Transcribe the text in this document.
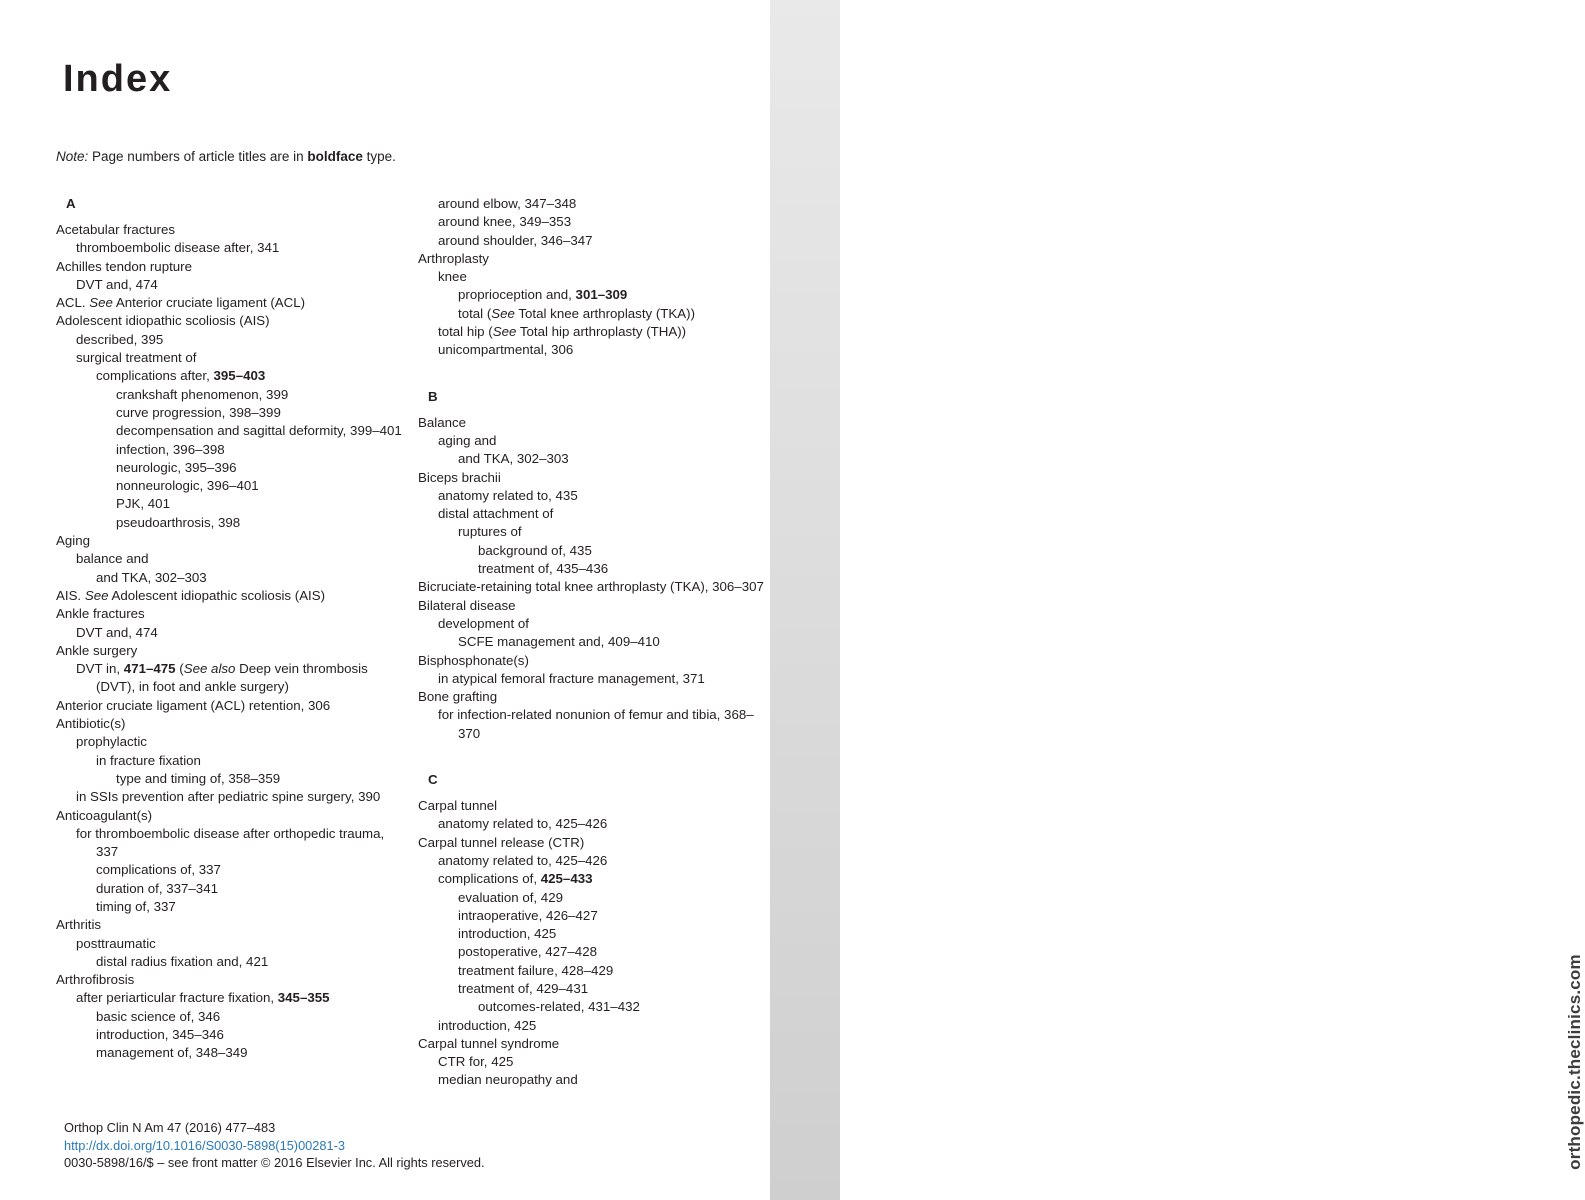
orthopedic.theclinics.com
Index
Note: Page numbers of article titles are in boldface type.
A
Acetabular fractures
thromboembolic disease after, 341
Achilles tendon rupture
DVT and, 474
ACL. See Anterior cruciate ligament (ACL)
Adolescent idiopathic scoliosis (AIS)
described, 395
surgical treatment of
complications after, 395–403
crankshaft phenomenon, 399
curve progression, 398–399
decompensation and sagittal deformity, 399–401
infection, 396–398
neurologic, 395–396
nonneurologic, 396–401
PJK, 401
pseudoarthrosis, 398
Aging
balance and
and TKA, 302–303
AIS. See Adolescent idiopathic scoliosis (AIS)
Ankle fractures
DVT and, 474
Ankle surgery
DVT in, 471–475 (See also Deep vein thrombosis (DVT), in foot and ankle surgery)
Anterior cruciate ligament (ACL) retention, 306
Antibiotic(s)
prophylactic
in fracture fixation
type and timing of, 358–359
in SSIs prevention after pediatric spine surgery, 390
Anticoagulant(s)
for thromboembolic disease after orthopedic trauma, 337
complications of, 337
duration of, 337–341
timing of, 337
Arthritis
posttraumatic
distal radius fixation and, 421
Arthrofibrosis
after periarticular fracture fixation, 345–355
basic science of, 346
introduction, 345–346
management of, 348–349
around elbow, 347–348
around knee, 349–353
around shoulder, 346–347
Arthroplasty
knee
proprioception and, 301–309
total (See Total knee arthroplasty (TKA))
total hip (See Total hip arthroplasty (THA))
unicompartmental, 306
B
Balance
aging and
and TKA, 302–303
Biceps brachii
anatomy related to, 435
distal attachment of
ruptures of
background of, 435
treatment of, 435–436
Bicruciate-retaining total knee arthroplasty (TKA), 306–307
Bilateral disease
development of
SCFE management and, 409–410
Bisphosphonate(s)
in atypical femoral fracture management, 371
Bone grafting
for infection-related nonunion of femur and tibia, 368–370
C
Carpal tunnel
anatomy related to, 425–426
Carpal tunnel release (CTR)
anatomy related to, 425–426
complications of, 425–433
evaluation of, 429
intraoperative, 426–427
introduction, 425
postoperative, 427–428
treatment failure, 428–429
treatment of, 429–431
outcomes-related, 431–432
introduction, 425
Carpal tunnel syndrome
CTR for, 425
median neuropathy and
Orthop Clin N Am 47 (2016) 477–483
http://dx.doi.org/10.1016/S0030-5898(15)00281-3
0030-5898/16/$ – see front matter © 2016 Elsevier Inc. All rights reserved.
